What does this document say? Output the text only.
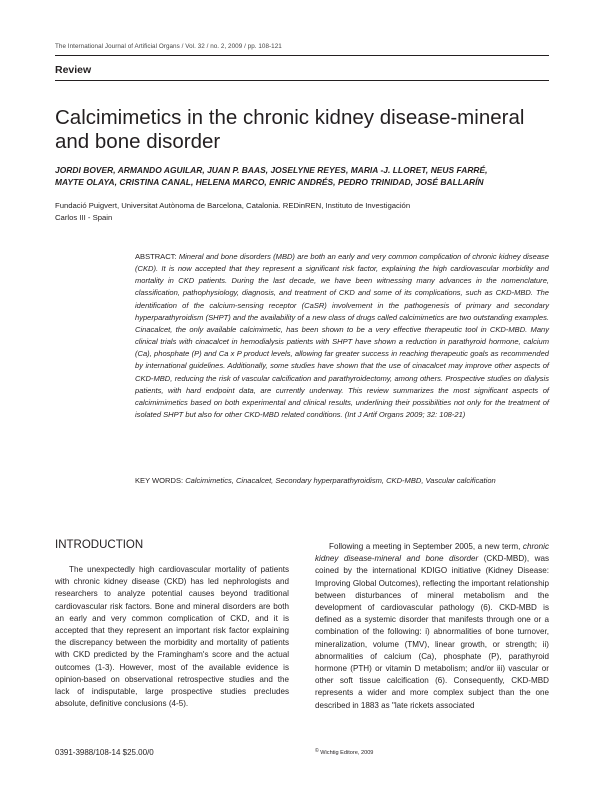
The International Journal of Artificial Organs / Vol. 32 / no. 2, 2009 / pp. 108-121
Review
Calcimimetics in the chronic kidney disease-mineral
and bone disorder
JORDI BOVER, ARMANDO AGUILAR, JUAN P. BAAS, JOSELYNE REYES, MARIA -J. LLORET, NEUS FARRÉ,
MAYTE OLAYA, CRISTINA CANAL, HELENA MARCO, ENRIC ANDRÉS, PEDRO TRINIDAD, JOSÉ BALLARÍN
Fundació Puigvert, Universitat Autònoma de Barcelona, Catalonia. REDinREN, Instituto de Investigación
Carlos III - Spain
ABSTRACT: Mineral and bone disorders (MBD) are both an early and very common complication of chronic kidney disease (CKD). It is now accepted that they represent a significant risk factor, explaining the high cardiovascular morbidity and mortality in CKD patients. During the last decade, we have been witnessing many advances in the nomenclature, classification, pathophysiology, diagnosis, and treatment of CKD and some of its complications, such as CKD-MBD. The identification of the calcium-sensing receptor (CaSR) involvement in the pathogenesis of primary and secondary hyperparathyroidism (SHPT) and the availability of a new class of drugs called calcimimetics are two outstanding examples. Cinacalcet, the only available calcimimetic, has been shown to be a very effective therapeutic tool in CKD-MBD. Many clinical trials with cinacalcet in hemodialysis patients with SHPT have shown a reduction in parathyroid hormone, calcium (Ca), phosphate (P) and Ca x P product levels, allowing far greater success in reaching therapeutic goals as recommended by international guidelines. Additionally, some studies have shown that the use of cinacalcet may improve other aspects of CKD-MBD, reducing the risk of vascular calcification and parathyroidectomy, among others. Prospective studies on dialysis patients, with hard endpoint data, are currently underway. This review summarizes the most significant aspects of calcimimimetics based on both experimental and clinical results, underlining their possibilities not only for the treatment of isolated SHPT but also for other CKD-MBD related conditions. (Int J Artif Organs 2009; 32: 108-21)
KEY WORDS: Calcimimetics, Cinacalcet, Secondary hyperparathyroidism, CKD-MBD, Vascular calcification
INTRODUCTION
The unexpectedly high cardiovascular mortality of patients with chronic kidney disease (CKD) has led nephrologists and researchers to analyze potential causes beyond traditional cardiovascular risk factors. Bone and mineral disorders are both an early and very common complication of CKD, and it is accepted that they represent an important risk factor explaining the discrepancy between the morbidity and mortality of patients with CKD predicted by the Framingham's score and the actual outcomes (1-3). However, most of the available evidence is opinion-based on observational retrospective studies and the lack of indisputable, large prospective studies precludes absolute, definitive conclusions (4-5).
Following a meeting in September 2005, a new term, chronic kidney disease-mineral and bone disorder (CKD-MBD), was coined by the international KDIGO initiative (Kidney Disease: Improving Global Outcomes), reflecting the important relationship between disturbances of mineral metabolism and the development of cardiovascular pathology (6). CKD-MBD is defined as a systemic disorder that manifests through one or a combination of the following: i) abnormalities of bone turnover, mineralization, volume (TMV), linear growth, or strength; ii) abnormalities of calcium (Ca), phosphate (P), parathyroid hormone (PTH) or vitamin D metabolism; and/or iii) vascular or other soft tissue calcification (6). Consequently, CKD-MBD represents a wider and more complex subject than the one described in 1883 as "late rickets associated
0391-3988/108-14 $25.00/0	© Wichtig Editore, 2009
